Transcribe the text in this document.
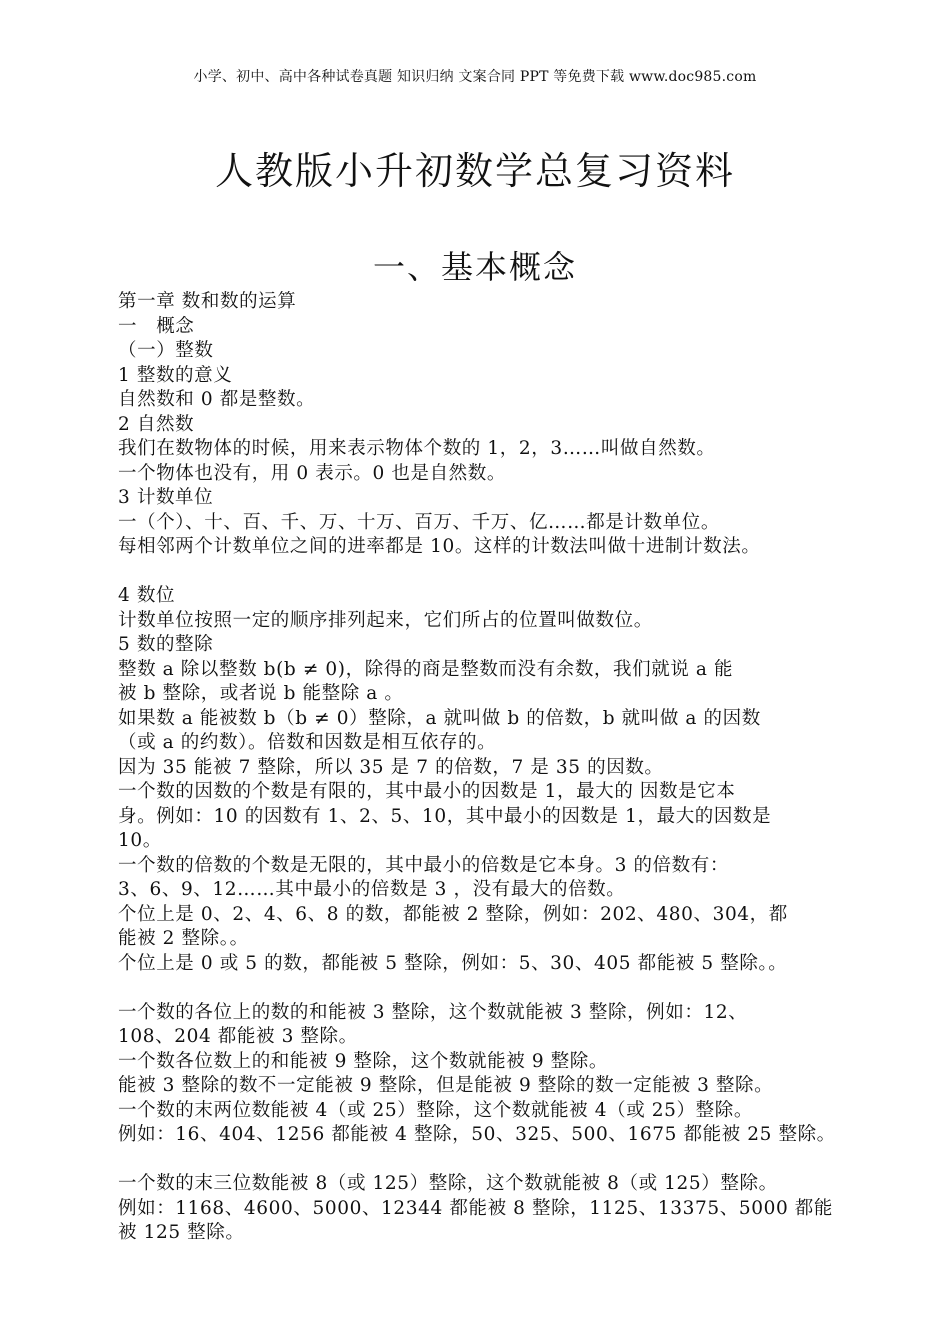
小学、初中、高中各种试卷真题 知识归纳 文案合同 PPT 等免费下载 www.doc985.com
人教版小升初数学总复习资料
一、基本概念
第一章 数和数的运算
一　概念
（一）整数
1 整数的意义
自然数和 0 都是整数。
2 自然数
我们在数物体的时候，用来表示物体个数的 1，2，3……叫做自然数。
一个物体也没有，用 0 表示。0 也是自然数。
3 计数单位
一（个）、十、百、千、万、十万、百万、千万、亿……都是计数单位。
每相邻两个计数单位之间的进率都是 10。这样的计数法叫做十进制计数法。
4 数位
计数单位按照一定的顺序排列起来，它们所占的位置叫做数位。
5 数的整除
整数 a 除以整数 b(b ≠ 0)，除得的商是整数而没有余数，我们就说 a 能
被 b 整除，或者说 b 能整除 a 。
如果数 a 能被数 b（b ≠ 0）整除，a 就叫做 b 的倍数，b 就叫做 a 的因数
（或 a 的约数）。倍数和因数是相互依存的。
因为 35 能被 7 整除，所以 35 是 7 的倍数，7 是 35 的因数。
一个数的因数的个数是有限的，其中最小的因数是 1，最大的 因数是它本
身。例如：10 的因数有 1、2、5、10，其中最小的因数是 1，最大的因数是
10。
一个数的倍数的个数是无限的，其中最小的倍数是它本身。3 的倍数有：
3、6、9、12……其中最小的倍数是 3 ，没有最大的倍数。
个位上是 0、2、4、6、8 的数，都能被 2 整除，例如：202、480、304，都
能被 2 整除。。
个位上是 0 或 5 的数，都能被 5 整除，例如：5、30、405 都能被 5 整除。。
一个数的各位上的数的和能被 3 整除，这个数就能被 3 整除，例如：12、
108、204 都能被 3 整除。
一个数各位数上的和能被 9 整除，这个数就能被 9 整除。
能被 3 整除的数不一定能被 9 整除，但是能被 9 整除的数一定能被 3 整除。
一个数的末两位数能被 4（或 25）整除，这个数就能被 4（或 25）整除。
例如：16、404、1256 都能被 4 整除，50、325、500、1675 都能被 25 整除。
一个数的末三位数能被 8（或 125）整除，这个数就能被 8（或 125）整除。
例如：1168、4600、5000、12344 都能被 8 整除，1125、13375、5000 都能
被 125 整除。
